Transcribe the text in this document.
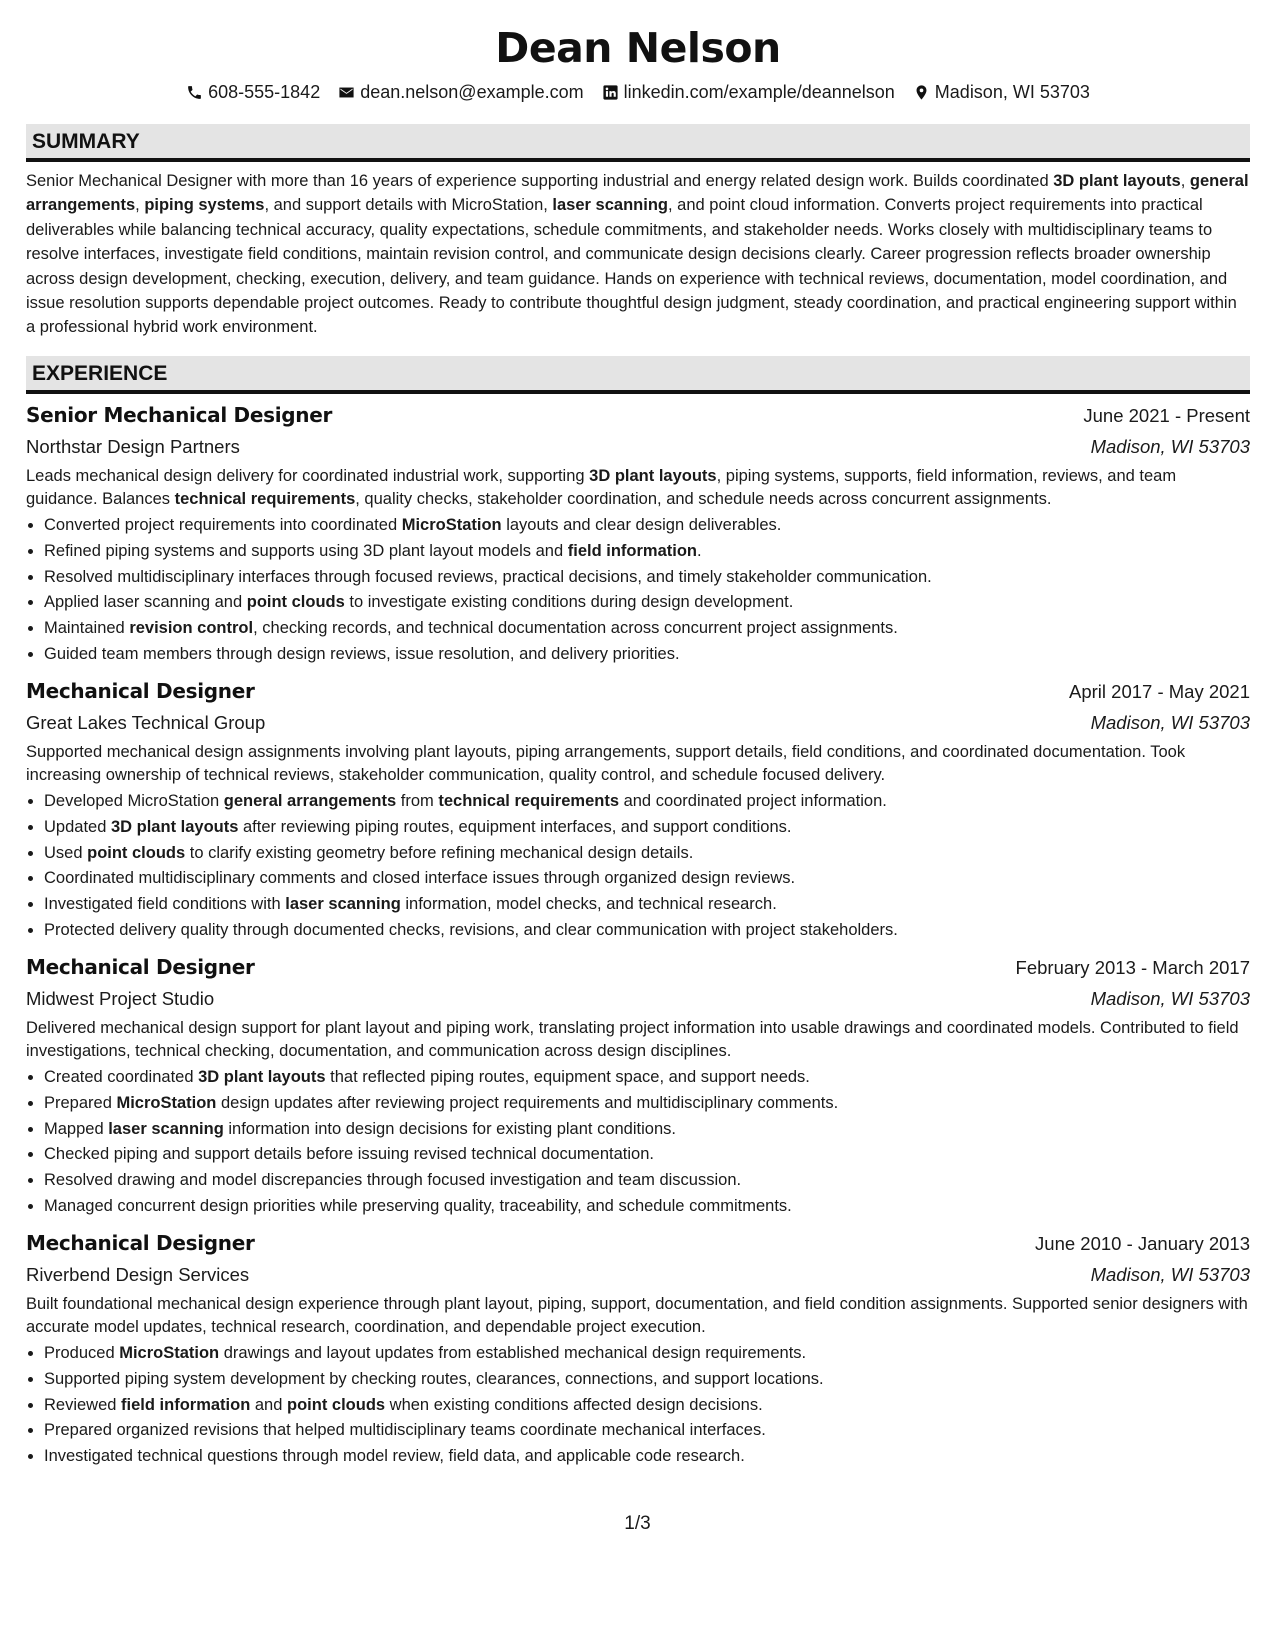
Dean Nelson
608-555-1842 dean.nelson@example.com linkedin.com/example/deannelson Madison, WI 53703
SUMMARY
Senior Mechanical Designer with more than 16 years of experience supporting industrial and energy related design work. Builds coordinated 3D plant layouts, general arrangements, piping systems, and support details with MicroStation, laser scanning, and point cloud information. Converts project requirements into practical deliverables while balancing technical accuracy, quality expectations, schedule commitments, and stakeholder needs. Works closely with multidisciplinary teams to resolve interfaces, investigate field conditions, maintain revision control, and communicate design decisions clearly. Career progression reflects broader ownership across design development, checking, execution, delivery, and team guidance. Hands on experience with technical reviews, documentation, model coordination, and issue resolution supports dependable project outcomes. Ready to contribute thoughtful design judgment, steady coordination, and practical engineering support within a professional hybrid work environment.
EXPERIENCE
Senior Mechanical Designer	June 2021 - Present
Northstar Design Partners	Madison, WI 53703
Leads mechanical design delivery for coordinated industrial work, supporting 3D plant layouts, piping systems, supports, field information, reviews, and team guidance. Balances technical requirements, quality checks, stakeholder coordination, and schedule needs across concurrent assignments.
• Converted project requirements into coordinated MicroStation layouts and clear design deliverables.
• Refined piping systems and supports using 3D plant layout models and field information.
• Resolved multidisciplinary interfaces through focused reviews, practical decisions, and timely stakeholder communication.
• Applied laser scanning and point clouds to investigate existing conditions during design development.
• Maintained revision control, checking records, and technical documentation across concurrent project assignments.
• Guided team members through design reviews, issue resolution, and delivery priorities.
Mechanical Designer	April 2017 - May 2021
Great Lakes Technical Group	Madison, WI 53703
Supported mechanical design assignments involving plant layouts, piping arrangements, support details, field conditions, and coordinated documentation. Took increasing ownership of technical reviews, stakeholder communication, quality control, and schedule focused delivery.
• Developed MicroStation general arrangements from technical requirements and coordinated project information.
• Updated 3D plant layouts after reviewing piping routes, equipment interfaces, and support conditions.
• Used point clouds to clarify existing geometry before refining mechanical design details.
• Coordinated multidisciplinary comments and closed interface issues through organized design reviews.
• Investigated field conditions with laser scanning information, model checks, and technical research.
• Protected delivery quality through documented checks, revisions, and clear communication with project stakeholders.
Mechanical Designer	February 2013 - March 2017
Midwest Project Studio	Madison, WI 53703
Delivered mechanical design support for plant layout and piping work, translating project information into usable drawings and coordinated models. Contributed to field investigations, technical checking, documentation, and communication across design disciplines.
• Created coordinated 3D plant layouts that reflected piping routes, equipment space, and support needs.
• Prepared MicroStation design updates after reviewing project requirements and multidisciplinary comments.
• Mapped laser scanning information into design decisions for existing plant conditions.
• Checked piping and support details before issuing revised technical documentation.
• Resolved drawing and model discrepancies through focused investigation and team discussion.
• Managed concurrent design priorities while preserving quality, traceability, and schedule commitments.
Mechanical Designer	June 2010 - January 2013
Riverbend Design Services	Madison, WI 53703
Built foundational mechanical design experience through plant layout, piping, support, documentation, and field condition assignments. Supported senior designers with accurate model updates, technical research, coordination, and dependable project execution.
• Produced MicroStation drawings and layout updates from established mechanical design requirements.
• Supported piping system development by checking routes, clearances, connections, and support locations.
• Reviewed field information and point clouds when existing conditions affected design decisions.
• Prepared organized revisions that helped multidisciplinary teams coordinate mechanical interfaces.
• Investigated technical questions through model review, field data, and applicable code research.
1/3
